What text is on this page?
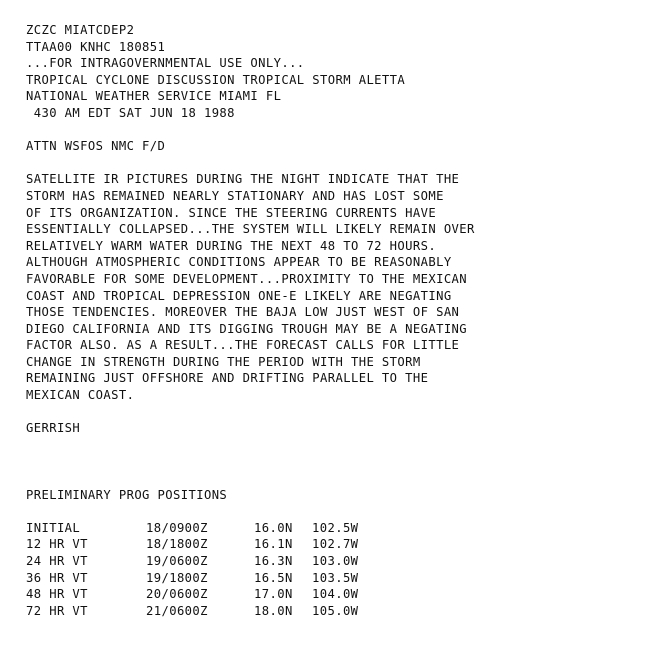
ZCZC MIATCDEP2
TTAA00 KNHC 180851
...FOR INTRAGOVERNMENTAL USE ONLY...
TROPICAL CYCLONE DISCUSSION TROPICAL STORM ALETTA
NATIONAL WEATHER SERVICE MIAMI FL
430 AM EDT SAT JUN 18 1988
ATTN WSFOS NMC F/D
SATELLITE IR PICTURES DURING THE NIGHT INDICATE THAT THE
STORM HAS REMAINED NEARLY STATIONARY AND HAS LOST SOME
OF ITS ORGANIZATION. SINCE THE STEERING CURRENTS HAVE
ESSENTIALLY COLLAPSED...THE SYSTEM WILL LIKELY REMAIN OVER
RELATIVELY WARM WATER DURING THE NEXT 48 TO 72 HOURS.
ALTHOUGH ATMOSPHERIC CONDITIONS APPEAR TO BE REASONABLY
FAVORABLE FOR SOME DEVELOPMENT...PROXIMITY TO THE MEXICAN
COAST AND TROPICAL DEPRESSION ONE-E LIKELY ARE NEGATING
THOSE TENDENCIES. MOREOVER THE BAJA LOW JUST WEST OF SAN
DIEGO CALIFORNIA AND ITS DIGGING TROUGH MAY BE A NEGATING
FACTOR ALSO. AS A RESULT...THE FORECAST CALLS FOR LITTLE
CHANGE IN STRENGTH DURING THE PERIOD WITH THE STORM
REMAINING JUST OFFSHORE AND DRIFTING PARALLEL TO THE
MEXICAN COAST.
GERRISH
PRELIMINARY PROG POSITIONS
INITIAL	18/0900Z	16.0N	102.5W
12 HR VT	18/1800Z	16.1N	102.7W
24 HR VT	19/0600Z	16.3N	103.0W
36 HR VT	19/1800Z	16.5N	103.5W
48 HR VT	20/0600Z	17.0N	104.0W
72 HR VT	21/0600Z	18.0N	105.0W
